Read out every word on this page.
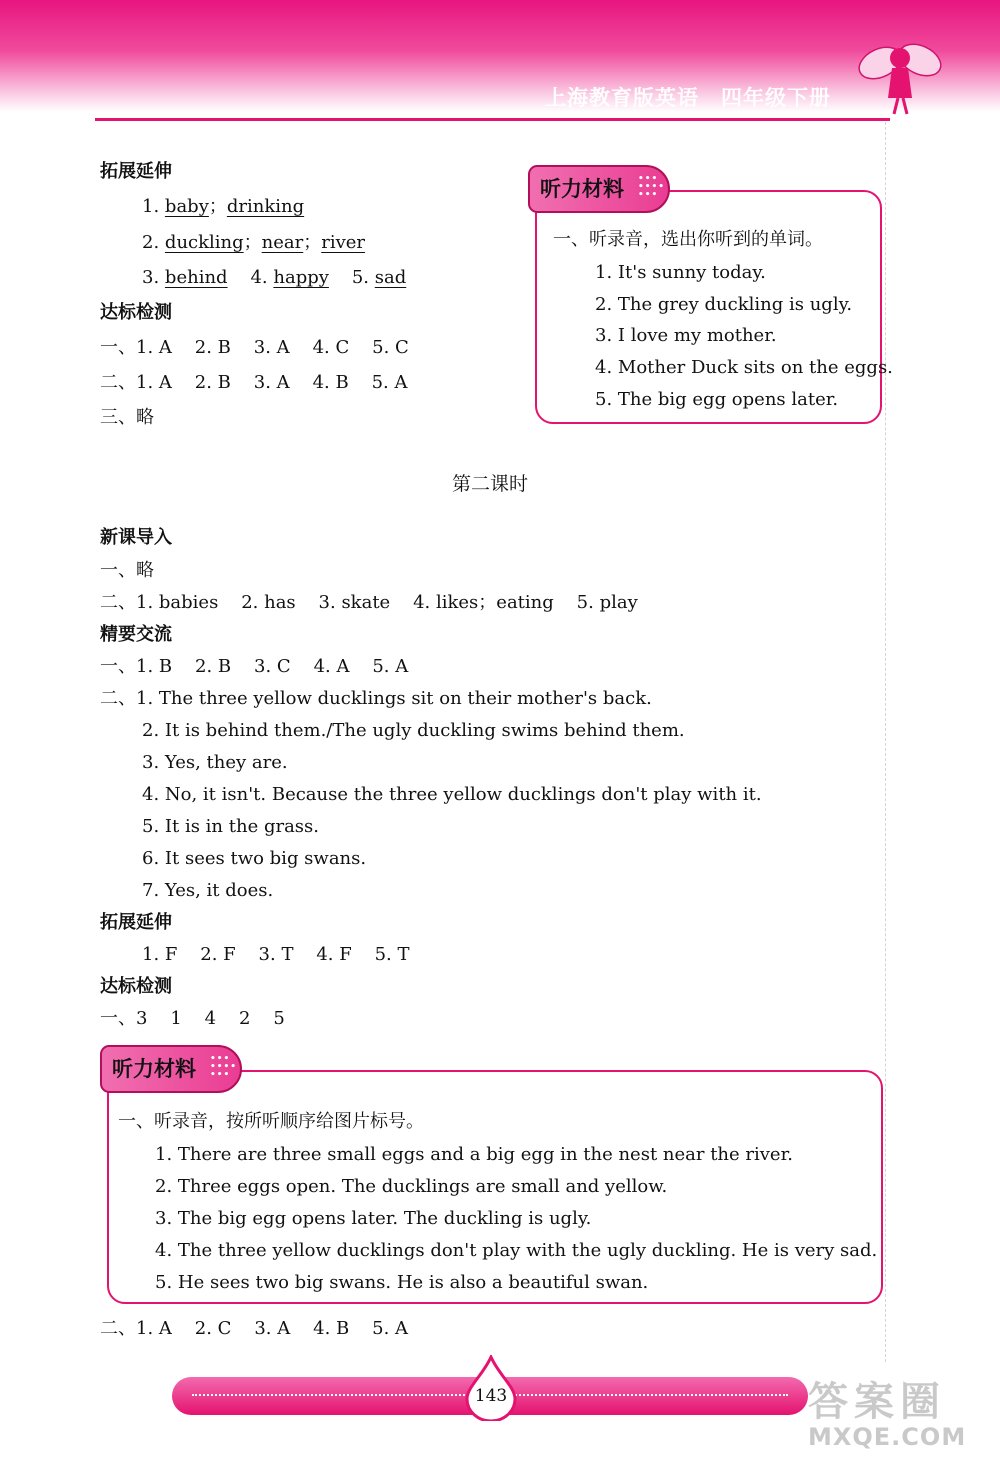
上海教育版英语 四年级下册
拓展延伸
1. baby；drinking
2. duckling；near；river
3. behind 4. happy 5. sad
达标检测
一、1. A    2. B    3. A    4. C    5. C
二、1. A    2. B    3. A    4. B    5. A
三、略
听力材料 •••
••••
•••
一、听录音，选出你听到的单词。
1. It's sunny today.
2. The grey duckling is ugly.
3. I love my mother.
4. Mother Duck sits on the eggs.
5. The big egg opens later.
第二课时
新课导入
一、略
二、1. babies    2. has    3. skate    4. likes；eating    5. play
精要交流
一、1. B    2. B    3. C    4. A    5. A
二、1. The three yellow ducklings sit on their mother's back.
2. It is behind them./The ugly duckling swims behind them.
3. Yes, they are.
4. No, it isn't. Because the three yellow ducklings don't play with it.
5. It is in the grass.
6. It sees two big swans.
7. Yes, it does.
拓展延伸
1. F    2. F    3. T    4. F    5. T
达标检测
一、3    1    4    2    5
听力材料 •••
••••
•••
一、听录音，按所听顺序给图片标号。
1. There are three small eggs and a big egg in the nest near the river.
2. Three eggs open. The ducklings are small and yellow.
3. The big egg opens later. The duckling is ugly.
4. The three yellow ducklings don't play with the ugly duckling. He is very sad.
5. He sees two big swans. He is also a beautiful swan.
二、1. A    2. C    3. A    4. B    5. A
143	答案圈
MXQE.COM
